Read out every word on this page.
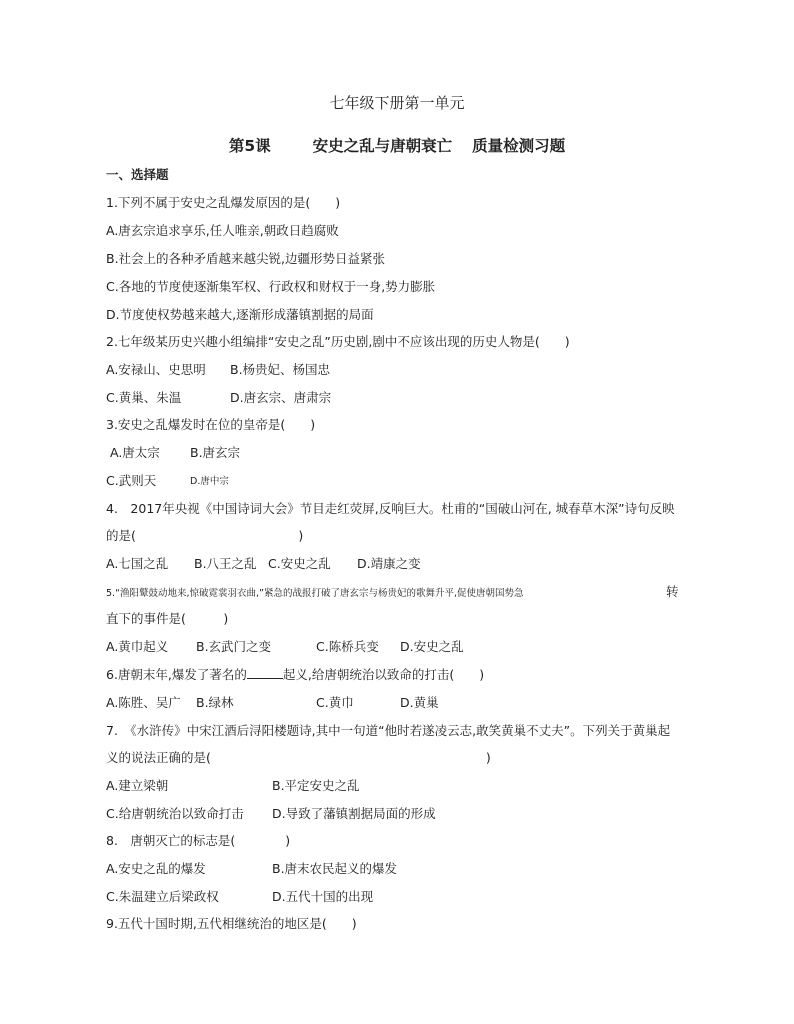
七年级下册第一单元
第5课	安史之乱与唐朝衰亡 质量检测习题
一、选择题
1.下列不属于安史之乱爆发原因的是(　　)
A.唐玄宗追求享乐,任人唯亲,朝政日趋腐败
B.社会上的各种矛盾越来越尖锐,边疆形势日益紧张
C.各地的节度使逐渐集军权、行政权和财权于一身,势力膨胀
D.节度使权势越来越大,逐渐形成藩镇割据的局面
2.七年级某历史兴趣小组编排“安史之乱”历史剧,剧中不应该出现的历史人物是(　　)
A.安禄山、史思明 B.杨贵妃、杨国忠
C.黄巢、朱温	D.唐玄宗、唐肃宗
3.安史之乱爆发时在位的皇帝是(　　)
A.唐太宗 B.唐玄宗
C.武则天	D.唐中宗
4.　2017年央视《中国诗词大会》节目走红荧屏,反响巨大。杜甫的“国破山河在, 城春草木深”诗句反映
的是(　　　　　　　　　　　　　)
A.七国之乱 B.八王之乱 C.安史之乱 D.靖康之变
5.“渔阳鼙鼓动地来,惊破霓裳羽衣曲,”紧急的战报打破了唐玄宗与杨贵妃的歌舞升平,促使唐朝国势急	转
直下的事件是(　　　)
A.黄巾起义 B.玄武门之变	C.陈桥兵变 D.安史之乱
6.唐朝末年,爆发了著名的	起义,给唐朝统治以致命的打击(　　)
A.陈胜、吴广 B.绿林	C.黄巾	D.黄巢
7.　《水浒传》中宋江酒后浔阳楼题诗,其中一句道“他时若遂凌云志,敢笑黄巢不丈夫”。下列关于黄巢起
义的说法正确的是(　　　　　　　　　　　　　　　　　　　　　　)
A.建立梁朝	B.平定安史之乱
C.给唐朝统治以致命打击 D.导致了藩镇割据局面的形成
8.　唐朝灭亡的标志是(　　　　)
A.安史之乱的爆发	B.唐末农民起义的爆发
C.朱温建立后梁政权	D.五代十国的出现
9.五代十国时期,五代相继统治的地区是(　　)
